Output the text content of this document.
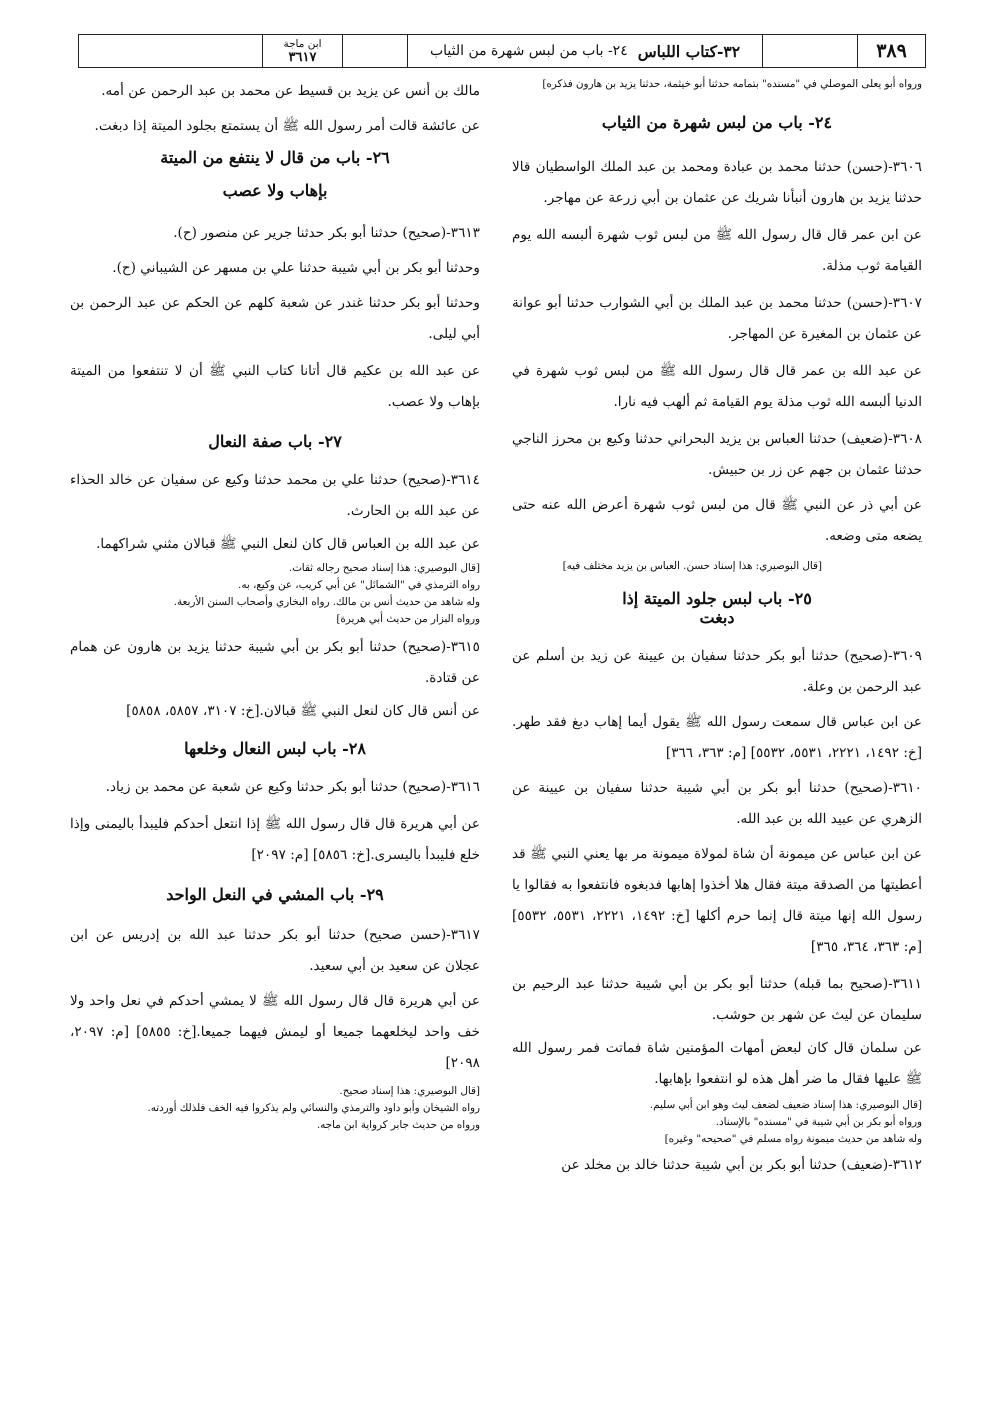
٣٨٩
٣٢-كتاب اللباس
٢٤- باب من لبس شهرة من الثياب
ابن ماجة
٣٦١٧

ورواه أبو يعلى الموصلي في "مسنده" بتمامه حدثنا أبو خيثمة، حدثنا يزيد بن هارون فذكره]

٢٤- باب من لبس شهرة من الثياب

٣٦٠٦-(حسن) حدثنا محمد بن عبادة ومحمد بن عبد الملك الواسطيان قالا حدثنا يزيد بن هارون أنبأنا شريك عن عثمان بن أبي زرعة عن مهاجر.

عن ابن عمر قال قال رسول الله ﷺ من لبس ثوب شهرة ألبسه الله يوم القيامة ثوب مذلة.

٣٦٠٧-(حسن) حدثنا محمد بن عبد الملك بن أبي الشوارب حدثنا أبو عوانة عن عثمان بن المغيرة عن المهاجر.

عن عبد الله بن عمر قال قال رسول الله ﷺ من لبس ثوب شهرة في الدنيا ألبسه الله ثوب مذلة يوم القيامة ثم ألهب فيه نارا.

٣٦٠٨-(ضعيف) حدثنا العباس بن يزيد البحراني حدثنا وكيع بن محرز الناجي حدثنا عثمان بن جهم عن زر بن حبيش.

عن أبي ذر عن النبي ﷺ قال من لبس ثوب شهرة أعرض الله عنه حتى يضعه متى وضعه.

[قال البوصيري: هذا إسناد حسن. العباس بن يزيد مختلف فيه]

٢٥- باب لبس جلود الميتة إذا

دبغت

٣٦٠٩-(صحيح) حدثنا أبو بكر حدثنا سفيان بن عيينة عن زيد بن أسلم عن عبد الرحمن بن وعلة.

عن ابن عباس قال سمعت رسول الله ﷺ يقول أيما إهاب دبغ فقد طهر.[خ: ١٤٩٢، ٢٢٢١، ٥٥٣١، ٥٥٣٢] [م: ٣٦٣، ٣٦٦]

٣٦١٠-(صحيح) حدثنا أبو بكر بن أبي شيبة حدثنا سفيان بن عيينة عن الزهري عن عبيد الله بن عبد الله.

عن ابن عباس عن ميمونة أن شاة لمولاة ميمونة مر بها يعني النبي ﷺ قد أعطيتها من الصدقة ميتة فقال هلا أخذوا إهابها فدبغوه فانتفعوا به فقالوا يا رسول الله إنها ميتة قال إنما حرم أكلها [خ: ١٤٩٢، ٢٢٢١، ٥٥٣١، ٥٥٣٢] [م: ٣٦٣، ٣٦٤، ٣٦٥]

٣٦١١-(صحيح بما قبله) حدثنا أبو بكر بن أبي شيبة حدثنا عبد الرحيم بن سليمان عن ليث عن شهر بن حوشب.

عن سلمان قال كان لبعض أمهات المؤمنين شاة فماتت فمر رسول الله ﷺ عليها فقال ما ضر أهل هذه لو انتفعوا بإهابها.

[قال البوصيري: هذا إسناد ضعيف لضعف ليث وهو ابن أبي سليم.

ورواه أبو بكر بن أبي شيبة في "مسنده" بالإسناد.

وله شاهد من حديث ميمونة رواه مسلم في "صحيحه" وغيره]

٣٦١٢-(ضعيف) حدثنا أبو بكر بن أبي شيبة حدثنا خالد بن مخلد عن

مالك بن أنس عن يزيد بن قسيط عن محمد بن عبد الرحمن عن أمه.

عن عائشة قالت أمر رسول الله ﷺ أن يستمتع بجلود الميتة إذا دبغت.

٢٦- باب من قال لا ينتفع من الميتة

بإهاب ولا عصب

٣٦١٣-(صحيح) حدثنا أبو بكر حدثنا جرير عن منصور (ح).

وحدثنا أبو بكر بن أبي شيبة حدثنا علي بن مسهر عن الشيباني (ح).

وحدثنا أبو بكر حدثنا غندر عن شعبة كلهم عن الحكم عن عبد الرحمن بن أبي ليلى.

عن عبد الله بن عكيم قال أتانا كتاب النبي ﷺ أن لا تنتفعوا من الميتة بإهاب ولا عصب.

٢٧- باب صفة النعال

٣٦١٤-(صحيح) حدثنا علي بن محمد حدثنا وكيع عن سفيان عن خالد الحذاء عن عبد الله بن الحارث.

عن عبد الله بن العباس قال كان لنعل النبي ﷺ قبالان مثني شراكهما.

[قال البوصيري: هذا إسناد صحيح رجاله ثقات.

رواه الترمذي في "الشمائل" عن أبي كريب، عن وكيع، به.

وله شاهد من حديث أنس بن مالك. رواه البخاري وأصحاب السنن الأربعة.

ورواه البزار من حديث أبي هريرة]

٣٦١٥-(صحيح) حدثنا أبو بكر بن أبي شيبة حدثنا يزيد بن هارون عن همام عن قتادة.

عن أنس قال كان لنعل النبي ﷺ قبالان.[خ: ٣١٠٧، ٥٨٥٧، ٥٨٥٨]

٢٨- باب لبس النعال وخلعها

٣٦١٦-(صحيح) حدثنا أبو بكر حدثنا وكيع عن شعبة عن محمد بن زياد.

عن أبي هريرة قال قال رسول الله ﷺ إذا انتعل أحدكم فليبدأ باليمنى وإذا خلع فليبدأ باليسرى.[خ: ٥٨٥٦] [م: ٢٠٩٧]

٢٩- باب المشي في النعل الواحد

٣٦١٧-(حسن صحيح) حدثنا أبو بكر حدثنا عبد الله بن إدريس عن ابن عجلان عن سعيد بن أبي سعيد.

عن أبي هريرة قال قال رسول الله ﷺ لا يمشي أحدكم في نعل واحد ولا خف واحد ليخلعهما جميعا أو ليمش فيهما جميعا.[خ: ٥٨٥٥] [م: ٢٠٩٧، ٢٠٩٨]

[قال البوصيري: هذا إسناد صحيح.

رواه الشيخان وأبو داود والترمذي والنسائي ولم يذكروا فيه الخف فلذلك أوردته.

ورواه من حديث جابر كرواية ابن ماجه.
